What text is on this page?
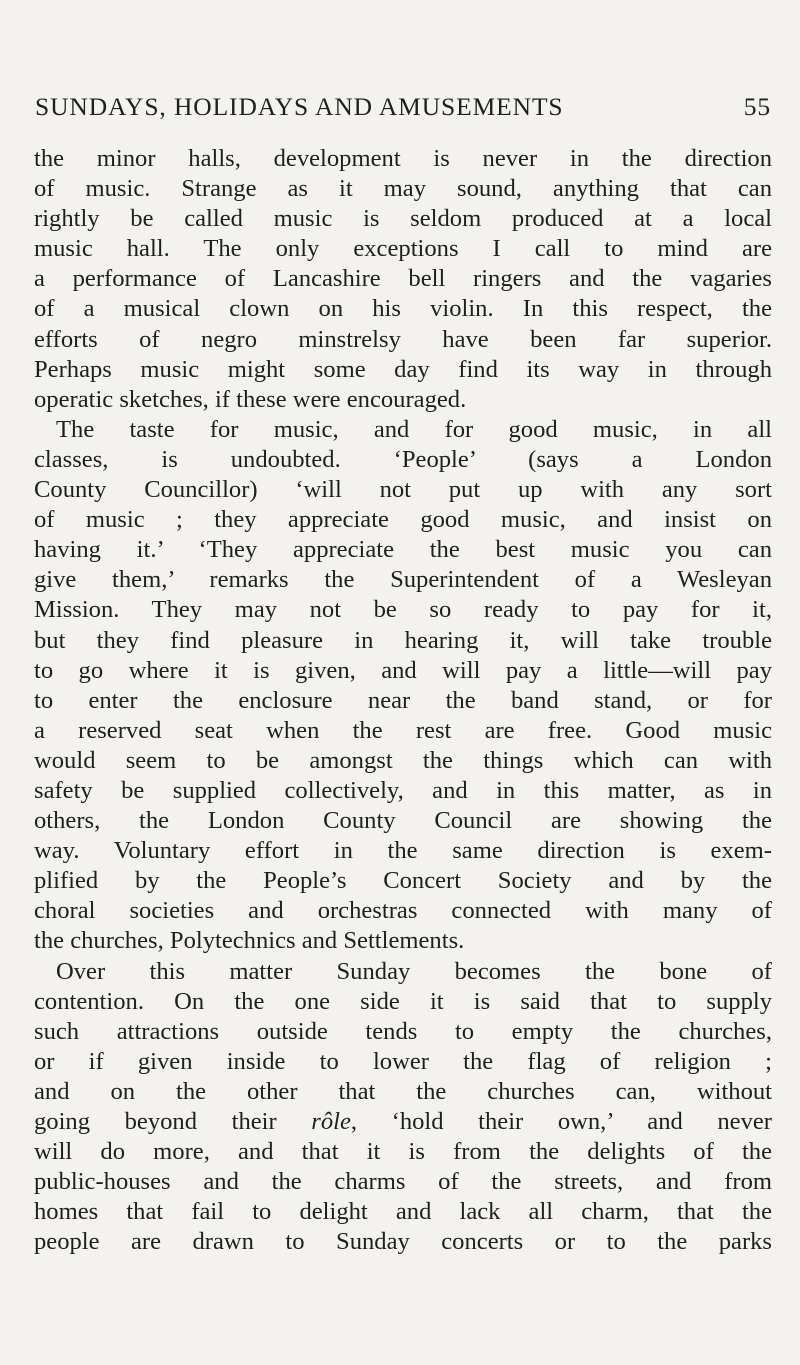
SUNDAYS, HOLIDAYS AND AMUSEMENTS	55
the minor halls, development is never in the direction
of music. Strange as it may sound, anything that can
rightly be called music is seldom produced at a local
music hall. The only exceptions I call to mind are
a performance of Lancashire bell ringers and the vagaries
of a musical clown on his violin. In this respect, the
efforts of negro minstrelsy have been far superior.
Perhaps music might some day find its way in through
operatic sketches, if these were encouraged.
The taste for music, and for good music, in all
classes, is undoubted. ‘People’ (says a London
County Councillor) ‘will not put up with any sort
of music ; they appreciate good music, and insist on
having it.’ ‘They appreciate the best music you can
give them,’ remarks the Superintendent of a Wesleyan
Mission. They may not be so ready to pay for it,
but they find pleasure in hearing it, will take trouble
to go where it is given, and will pay a little—will pay
to enter the enclosure near the band stand, or for
a reserved seat when the rest are free. Good music
would seem to be amongst the things which can with
safety be supplied collectively, and in this matter, as in
others, the London County Council are showing the
way. Voluntary effort in the same direction is exem-
plified by the People’s Concert Society and by the
choral societies and orchestras connected with many of
the churches, Polytechnics and Settlements.
Over this matter Sunday becomes the bone of
contention. On the one side it is said that to supply
such attractions outside tends to empty the churches,
or if given inside to lower the flag of religion ;
and on the other that the churches can, without
going beyond their rôle, ‘hold their own,’ and never
will do more, and that it is from the delights of the
public-houses and the charms of the streets, and from
homes that fail to delight and lack all charm, that the
people are drawn to Sunday concerts or to the parks
